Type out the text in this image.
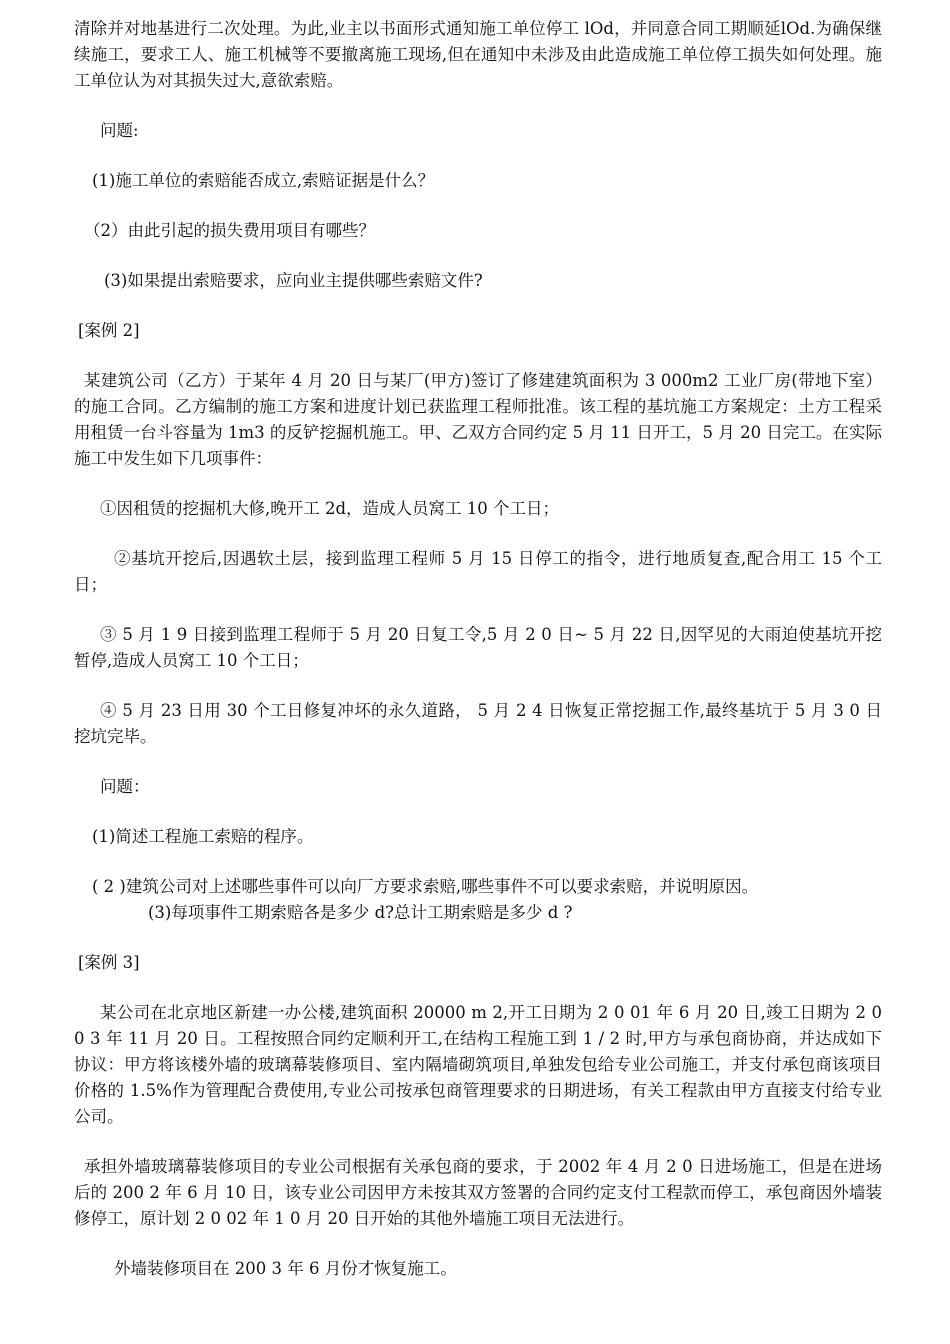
清除并对地基进行二次处理。为此,业主以书面形式通知施工单位停工 lOd，并同意合同工期顺延lOd.为确保继续施工，要求工人、施工机械等不要撤离施工现场,但在通知中未涉及由此造成施工单位停工损失如何处理。施工单位认为对其损失过大,意欲索赔。

问题:

(1)施工单位的索赔能否成立,索赔证据是什么？

（2）由此引起的损失费用项目有哪些？

(3)如果提出索赔要求，应向业主提供哪些索赔文件?

[案例 2]

某建筑公司（乙方）于某年 4 月 20 日与某厂(甲方)签订了修建建筑面积为 3 000m2 工业厂房(带地下室）的施工合同。乙方编制的施工方案和进度计划已获监理工程师批准。该工程的基坑施工方案规定：土方工程采用租赁一台斗容量为 1m3 的反铲挖掘机施工。甲、乙双方合同约定 5 月 11 日开工，5 月 20 日完工。在实际施工中发生如下几项事件：

①因租赁的挖掘机大修,晚开工 2d，造成人员窝工 10 个工日；

②基坑开挖后,因遇软土层，接到监理工程师 5 月 15 日停工的指令，进行地质复查,配合用工 15 个工日；

③ 5 月 1 9 日接到监理工程师于 5 月 20 日复工令,5 月 2 0 日~ 5 月 22 日,因罕见的大雨迫使基坑开挖暂停,造成人员窝工 10 个工日；

④ 5 月 23 日用 30 个工日修复冲坏的永久道路， 5 月 2 4 日恢复正常挖掘工作,最终基坑于 5 月 3 0 日挖坑完毕。

问题：

(1)简述工程施工索赔的程序。

( 2 )建筑公司对上述哪些事件可以向厂方要求索赔,哪些事件不可以要求索赔，并说明原因。

(3)每项事件工期索赔各是多少 d?总计工期索赔是多少 d ?

[案例 3]

某公司在北京地区新建一办公楼,建筑面积 20000 m 2,开工日期为 2 0 01 年 6 月 20 日,竣工日期为 2 0 0 3 年 11 月 20 日。工程按照合同约定顺利开工,在结构工程施工到 1 / 2 时,甲方与承包商协商，并达成如下协议：甲方将该楼外墙的玻璃幕装修项目、室内隔墙砌筑项目,单独发包给专业公司施工，并支付承包商该项目价格的 1.5%作为管理配合费使用,专业公司按承包商管理要求的日期进场，有关工程款由甲方直接支付给专业公司。

承担外墙玻璃幕装修项目的专业公司根据有关承包商的要求，于 2002 年 4 月 2 0 日进场施工，但是在进场后的 200 2 年 6 月 10 日，该专业公司因甲方未按其双方签署的合同约定支付工程款而停工，承包商因外墙装修停工，原计划 2 0 02 年 1 0 月 20 日开始的其他外墙施工项目无法进行。

外墙装修项目在 200 3 年 6 月份才恢复施工。
